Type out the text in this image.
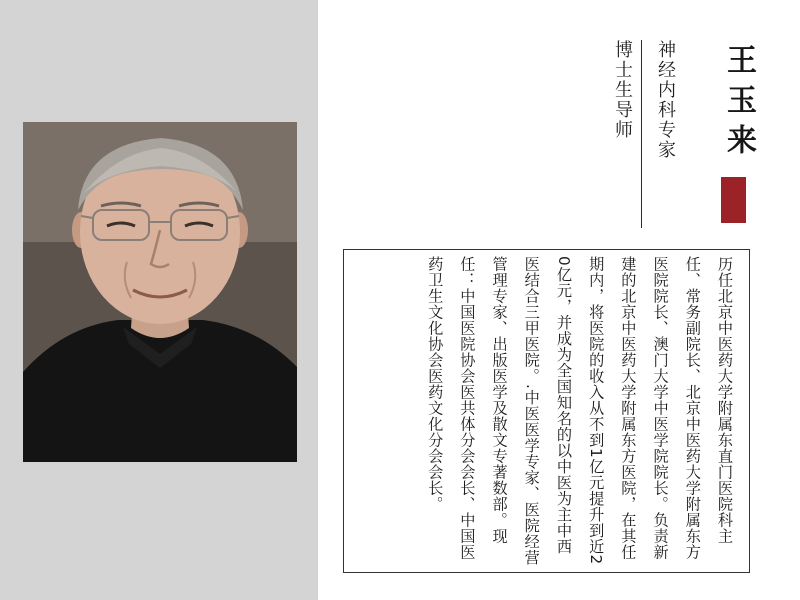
王玉来
神经内科专家
博士生导师
历任北京中医药大学附属东直门医院科主任、常务副院长、北京中医药大学附属东方医院院长、澳门大学中医学院院长。负责新建的北京中医药大学附属东方医院，在其任期内，将医院的收入从不到1亿元提升到近20亿元，并成为全国知名的以中医为主中西医结合三甲医院。.中医医学专家、医院经营管理专家、出版医学及散文专著数部。现任：中国医院协会医共体分会会长、中国医药卫生文化协会医药文化分会会长。
